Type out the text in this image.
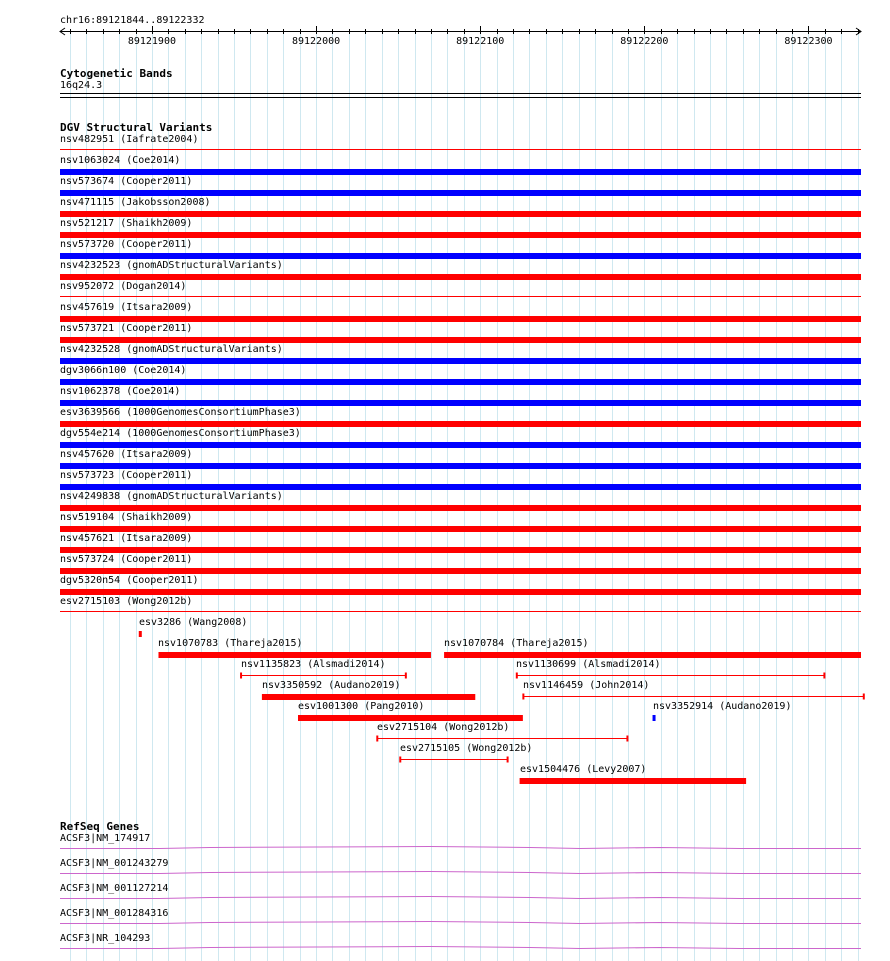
89121900	89122000	89122100	89122200	89122300
chr16:89121844..89122332
Cytogenetic Bands
16q24.3
DGV Structural Variants
RefSeq Genes
nsv482951 (Iafrate2004)
nsv1063024 (Coe2014)
nsv573674 (Cooper2011)
nsv471115 (Jakobsson2008)
nsv521217 (Shaikh2009)
nsv573720 (Cooper2011)
nsv4232523 (gnomADStructuralVariants)
nsv952072 (Dogan2014)
nsv457619 (Itsara2009)
nsv573721 (Cooper2011)
nsv4232528 (gnomADStructuralVariants)
dgv3066n100 (Coe2014)
nsv1062378 (Coe2014)
esv3639566 (1000GenomesConsortiumPhase3)
dgv554e214 (1000GenomesConsortiumPhase3)
nsv457620 (Itsara2009)
nsv573723 (Cooper2011)
nsv4249838 (gnomADStructuralVariants)
nsv519104 (Shaikh2009)
nsv457621 (Itsara2009)
nsv573724 (Cooper2011)
dgv5320n54 (Cooper2011)
esv2715103 (Wong2012b)
esv3286 (Wang2008)
nsv1070783 (Thareja2015)	nsv1070784 (Thareja2015)
nsv1135823 (Alsmadi2014)	nsv1130699 (Alsmadi2014)
nsv3350592 (Audano2019)	nsv1146459 (John2014)
esv1001300 (Pang2010)	nsv3352914 (Audano2019)
esv2715104 (Wong2012b)
esv2715105 (Wong2012b)
esv1504476 (Levy2007)
ACSF3|NM_174917
ACSF3|NM_001243279
ACSF3|NM_001127214
ACSF3|NM_001284316
ACSF3|NR_104293
